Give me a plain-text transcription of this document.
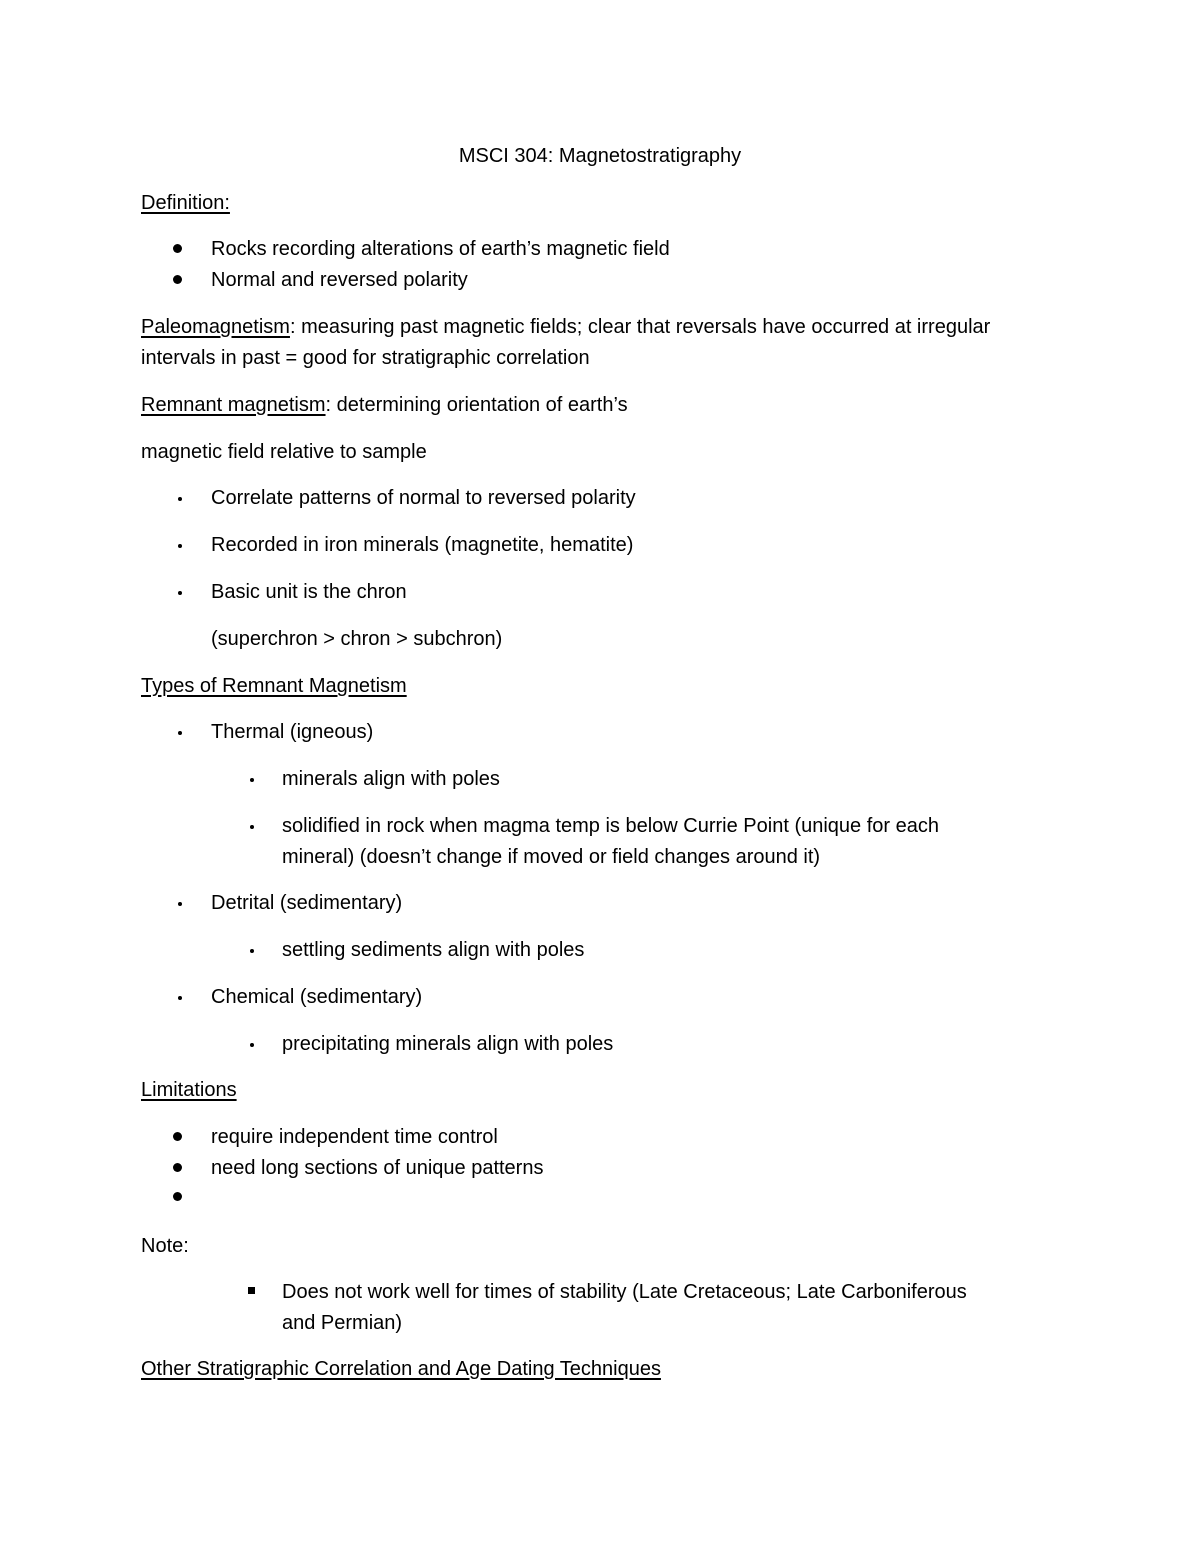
MSCI 304: Magnetostratigraphy
Definition:
Rocks recording alterations of earth’s magnetic field
Normal and reversed polarity
Paleomagnetism: measuring past magnetic fields; clear that reversals have occurred at irregular
intervals in past = good for stratigraphic correlation
Remnant magnetism: determining orientation of earth’s
magnetic field relative to sample
Correlate patterns of normal to reversed polarity
Recorded in iron minerals (magnetite, hematite)
Basic unit is the chron
(superchron > chron > subchron)
Types of Remnant Magnetism
Thermal (igneous)
minerals align with poles
solidified in rock when magma temp is below Currie Point (unique for each
mineral) (doesn’t change if moved or field changes around it)
Detrital (sedimentary)
settling sediments align with poles
Chemical (sedimentary)
precipitating minerals align with poles
Limitations
require independent time control
need long sections of unique patterns
Note:
Does not work well for times of stability (Late Cretaceous; Late Carboniferous
and Permian)
Other Stratigraphic Correlation and Age Dating Techniques
